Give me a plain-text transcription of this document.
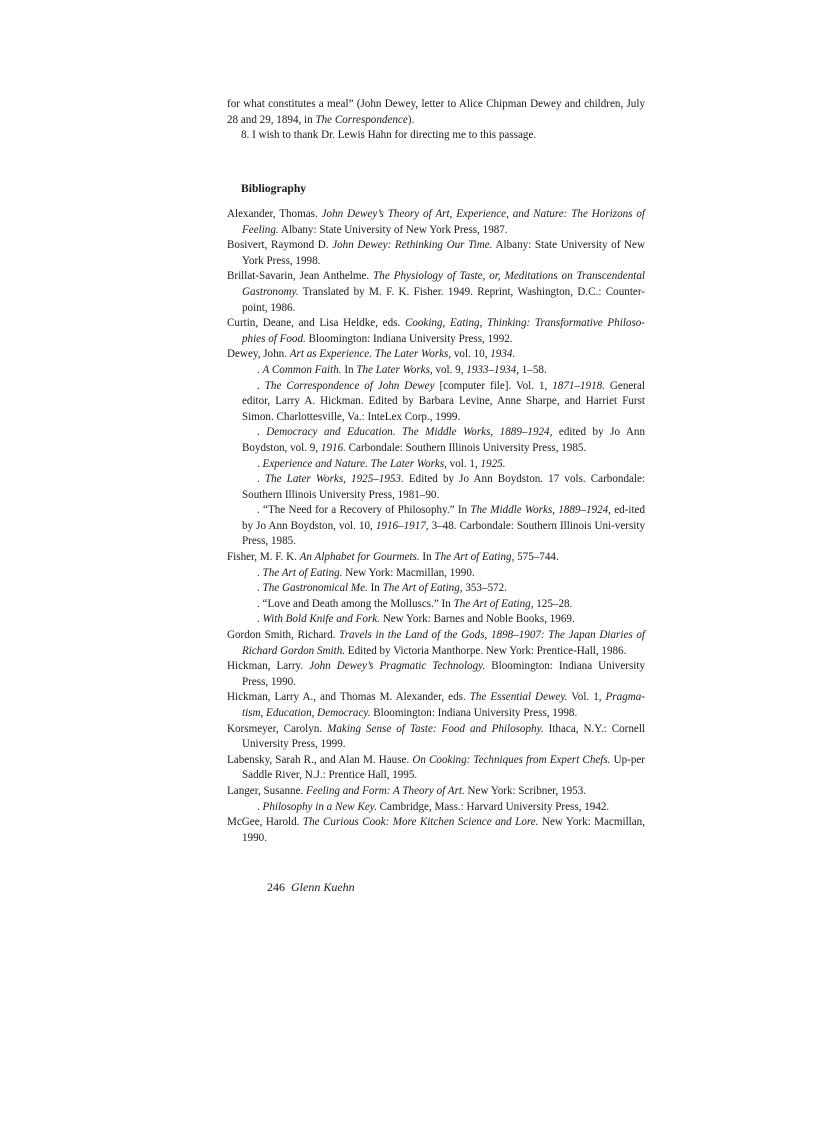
for what constitutes a meal” (John Dewey, letter to Alice Chipman Dewey and children, July 28 and 29, 1894, in The Correspondence).

8. I wish to thank Dr. Lewis Hahn for directing me to this passage.

Bibliography

Alexander, Thomas. John Dewey’s Theory of Art, Experience, and Nature: The Horizons of Feeling. Albany: State University of New York Press, 1987.

Bosivert, Raymond D. John Dewey: Rethinking Our Time. Albany: State University of New York Press, 1998.

Brillat-Savarin, Jean Anthelme. The Physiology of Taste, or, Meditations on Transcendental Gastronomy. Translated by M. F. K. Fisher. 1949. Reprint, Washington, D.C.: Counter-point, 1986.

Curtin, Deane, and Lisa Heldke, eds. Cooking, Eating, Thinking: Transformative Philoso-phies of Food. Bloomington: Indiana University Press, 1992.

Dewey, John. Art as Experience. The Later Works, vol. 10, 1934.

. A Common Faith. In The Later Works, vol. 9, 1933–1934, 1–58.

. The Correspondence of John Dewey [computer file]. Vol. 1, 1871–1918. General editor, Larry A. Hickman. Edited by Barbara Levine, Anne Sharpe, and Harriet Furst Simon. Charlottesville, Va.: InteLex Corp., 1999.

. Democracy and Education. The Middle Works, 1889–1924, edited by Jo Ann Boydston, vol. 9, 1916. Carbondale: Southern Illinois University Press, 1985.

. Experience and Nature. The Later Works, vol. 1, 1925.

. The Later Works, 1925–1953. Edited by Jo Ann Boydston. 17 vols. Carbondale: Southern Illinois University Press, 1981–90.

. “The Need for a Recovery of Philosophy.” In The Middle Works, 1889–1924, ed-ited by Jo Ann Boydston, vol. 10, 1916–1917, 3–48. Carbondale: Southern Illinois Uni-versity Press, 1985.

Fisher, M. F. K. An Alphabet for Gourmets. In The Art of Eating, 575–744.

. The Art of Eating. New York: Macmillan, 1990.

. The Gastronomical Me. In The Art of Eating, 353–572.

. “Love and Death among the Molluscs.” In The Art of Eating, 125–28.

. With Bold Knife and Fork. New York: Barnes and Noble Books, 1969.

Gordon Smith, Richard. Travels in the Land of the Gods, 1898–1907: The Japan Diaries of Richard Gordon Smith. Edited by Victoria Manthorpe. New York: Prentice-Hall, 1986.

Hickman, Larry. John Dewey’s Pragmatic Technology. Bloomington: Indiana University Press, 1990.

Hickman, Larry A., and Thomas M. Alexander, eds. The Essential Dewey. Vol. 1, Pragma-tism, Education, Democracy. Bloomington: Indiana University Press, 1998.

Korsmeyer, Carolyn. Making Sense of Taste: Food and Philosophy. Ithaca, N.Y.: Cornell University Press, 1999.

Labensky, Sarah R., and Alan M. Hause. On Cooking: Techniques from Expert Chefs. Up-per Saddle River, N.J.: Prentice Hall, 1995.

Langer, Susanne. Feeling and Form: A Theory of Art. New York: Scribner, 1953.

. Philosophy in a New Key. Cambridge, Mass.: Harvard University Press, 1942.

McGee, Harold. The Curious Cook: More Kitchen Science and Lore. New York: Macmillan, 1990.

246 Glenn Kuehn
